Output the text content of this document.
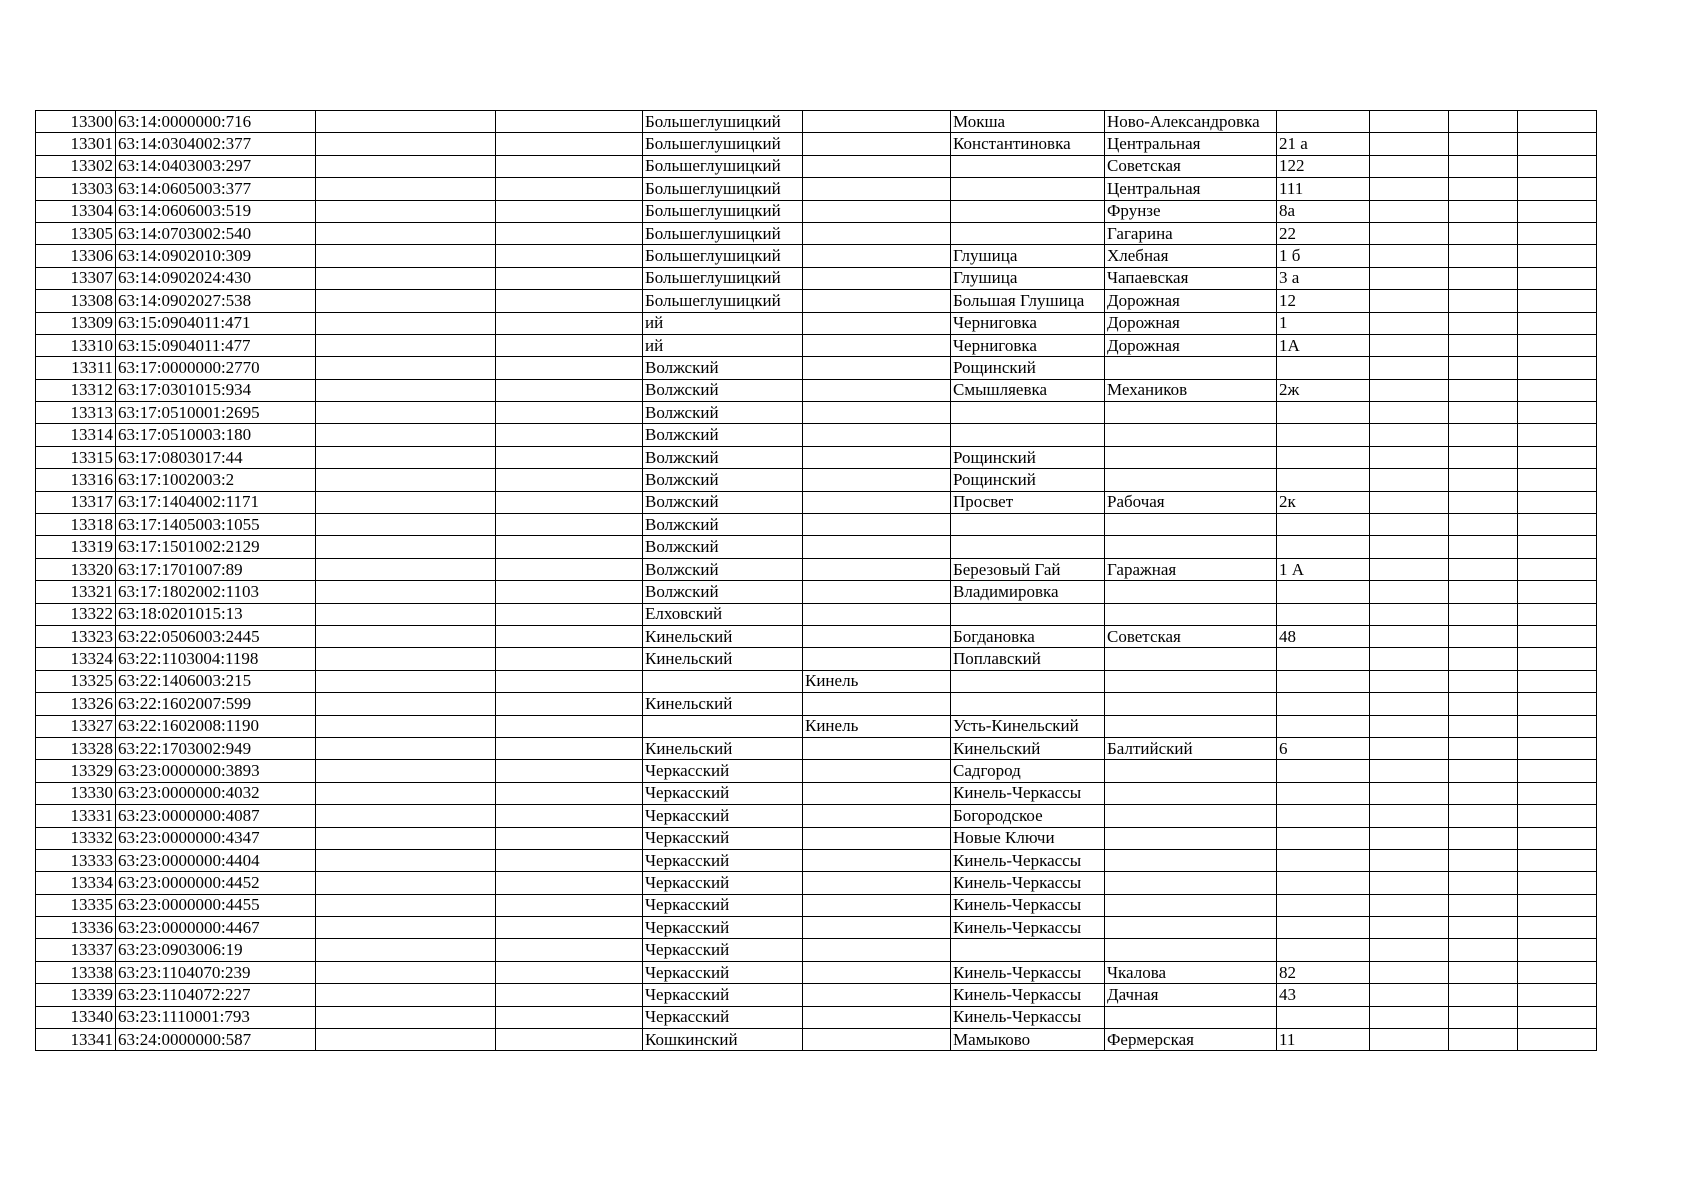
13300	63:14:0000000:716			Большеглушицкий		Мокша	Ново-Александровка				
13301	63:14:0304002:377			Большеглушицкий		Константиновка	Центральная	21 а			
13302	63:14:0403003:297			Большеглушицкий			Советская	122			
13303	63:14:0605003:377			Большеглушицкий			Центральная	111			
13304	63:14:0606003:519			Большеглушицкий			Фрунзе	8а			
13305	63:14:0703002:540			Большеглушицкий			Гагарина	22			
13306	63:14:0902010:309			Большеглушицкий		Глушица	Хлебная	1 б			
13307	63:14:0902024:430			Большеглушицкий		Глушица	Чапаевская	3 а			
13308	63:14:0902027:538			Большеглушицкий		Большая Глушица	Дорожная	12			
13309	63:15:0904011:471			ий		Черниговка	Дорожная	1			
13310	63:15:0904011:477			ий		Черниговка	Дорожная	1А			
13311	63:17:0000000:2770			Волжский		Рощинский					
13312	63:17:0301015:934			Волжский		Смышляевка	Механиков	2ж			
13313	63:17:0510001:2695			Волжский							
13314	63:17:0510003:180			Волжский							
13315	63:17:0803017:44			Волжский		Рощинский					
13316	63:17:1002003:2			Волжский		Рощинский					
13317	63:17:1404002:1171			Волжский		Просвет	Рабочая	2к			
13318	63:17:1405003:1055			Волжский							
13319	63:17:1501002:2129			Волжский							
13320	63:17:1701007:89			Волжский		Березовый Гай	Гаражная	1 А			
13321	63:17:1802002:1103			Волжский		Владимировка					
13322	63:18:0201015:13			Елховский							
13323	63:22:0506003:2445			Кинельский		Богдановка	Советская	48			
13324	63:22:1103004:1198			Кинельский		Поплавский					
13325	63:22:1406003:215				Кинель						
13326	63:22:1602007:599			Кинельский							
13327	63:22:1602008:1190				Кинель	Усть-Кинельский					
13328	63:22:1703002:949			Кинельский		Кинельский	Балтийский	6			
13329	63:23:0000000:3893			Черкасский		Садгород					
13330	63:23:0000000:4032			Черкасский		Кинель-Черкассы					
13331	63:23:0000000:4087			Черкасский		Богородское					
13332	63:23:0000000:4347			Черкасский		Новые Ключи					
13333	63:23:0000000:4404			Черкасский		Кинель-Черкассы					
13334	63:23:0000000:4452			Черкасский		Кинель-Черкассы					
13335	63:23:0000000:4455			Черкасский		Кинель-Черкассы					
13336	63:23:0000000:4467			Черкасский		Кинель-Черкассы					
13337	63:23:0903006:19			Черкасский							
13338	63:23:1104070:239			Черкасский		Кинель-Черкассы	Чкалова	82			
13339	63:23:1104072:227			Черкасский		Кинель-Черкассы	Дачная	43			
13340	63:23:1110001:793			Черкасский		Кинель-Черкассы					
13341	63:24:0000000:587			Кошкинский		Мамыково	Фермерская	11			
